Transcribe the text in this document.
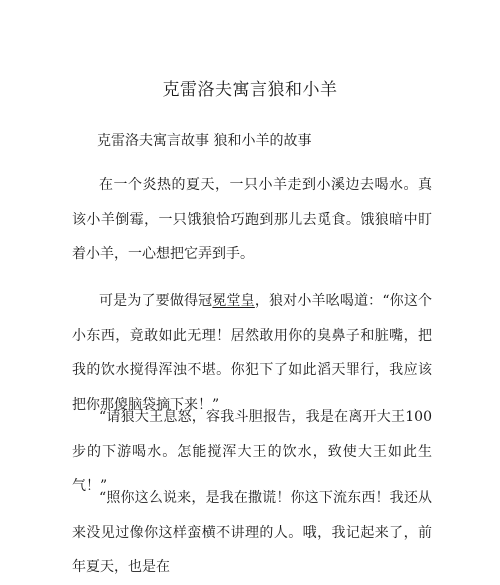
克雷洛夫寓言狼和小羊

克雷洛夫寓言故事 狼和小羊的故事

在一个炎热的夏天，一只小羊走到小溪边去喝水。真该小羊倒霉，一只饿狼恰巧跑到那儿去觅食。饿狼暗中盯着小羊，一心想把它弄到手。

可是为了要做得冠冕堂皇，狼对小羊吆喝道：“你这个小东西，竟敢如此无理！居然敢用你的臭鼻子和脏嘴，把我的饮水搅得浑浊不堪。你犯下了如此滔天罪行，我应该把你那傻脑袋摘下来！”

“请狼大王息怒，容我斗胆报告，我是在离开大王100步的下游喝水。怎能搅浑大王的饮水，致使大王如此生气！”

“照你这么说来，是我在撒谎！你这下流东西！我还从来没见过像你这样蛮横不讲理的人。哦，我记起来了，前年夏天，也是在
